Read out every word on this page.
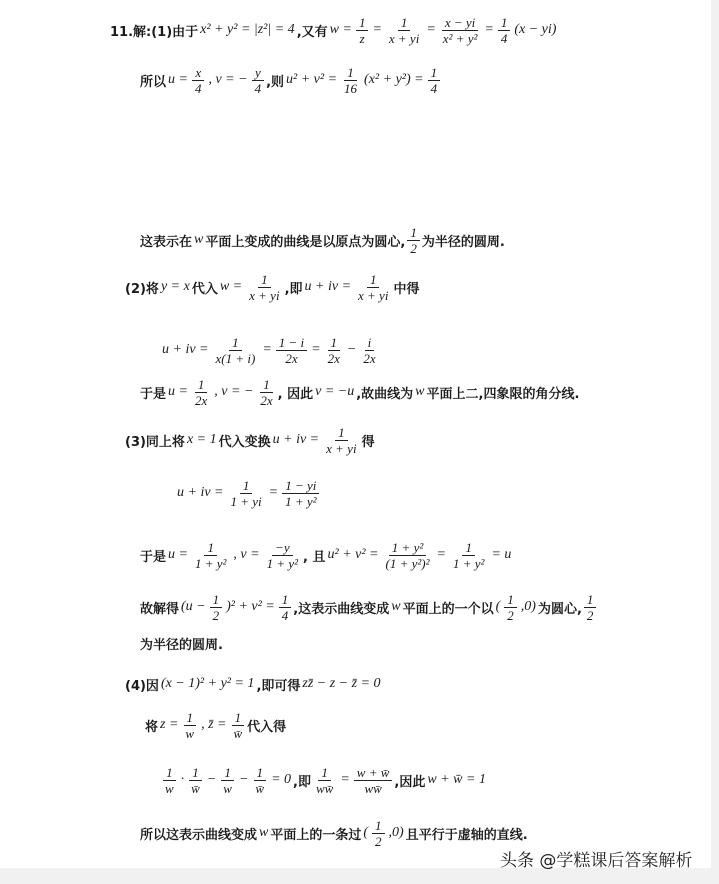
11.解:(1)由于 x² + y² = |z²| = 4 ,又有 $w = \frac{1}{z} = \frac{1}{x + yi} = \frac{x - yi}{\text{x² + y²}} = \frac{1}{4} (x - yi)$
所以 $u = \frac{x}{4}$ , v = − $\frac{y}{4}$ ,则 $u^2 + v^2 = \frac{1}{16} (x^2 + y^2) = \frac{1}{4}$
这表示在 w 平面上变成的曲线是以原点为圆心, $\frac{1}{2}$ 为半径的圆周.
(2)将 y = x 代入 $w = \frac{1}{x + yi}$ ,即 u + iv = $\frac{1}{x + yi}$ 中得
u + iv = $\frac{1}{x(1 + i)} = \frac{1 - i}{2x} = \frac{1}{2x} - \frac{i}{2x}$
于是 $u = \frac{1}{2x}$ , v = − $\frac{1}{2x}$ , 因此 v = −u ,故曲线为 w 平面上二,四象限的角分线.
(3)同上将 x = 1 代入变换 u + iv = $\frac{1}{x + yi}$ 得
u + iv = $\frac{1}{1 + yi} = \frac{1 - yi}{\text{1 + y²}}$
于是 $u = \frac{1}{\text{1 + y²}}$ , $v = \frac{-y}{\text{1 + y²}}$ , 且 $u^2 + v^2 = \frac{\text{1 + y²}}{\text{(1 + y²)²}} = \frac{1}{\text{1 + y²}} = u$
故解得 $(u - \frac{1}{2} )^2 + v^2 = \frac{1}{4}$ ,这表示曲线变成 w 平面上的一个以 ( $\frac{1}{2} ,0$) 为圆心, $\frac{1}{2}$
为半径的圆周.
(4)因 (x − 1)² + y² = 1 ,即可得 zz̄ − z − z̄ = 0
将 $z = \frac{1}{w}$ , z̄ = $\frac{1}{w̄}$ 代入得
$\frac{1}{w} \cdot \frac{1}{w̄} - \frac{1}{w} - \frac{1}{w̄} = 0$ ,即 $\frac{1}{ww̄} = \frac{w + w̄}{ww̄}$ ,因此 w + w̄ = 1
所以这表示曲线变成 w 平面上的一条过 ( $\frac{1}{2} ,0$) 且平行于虚轴的直线.
头条 @学糕课后答案解析
